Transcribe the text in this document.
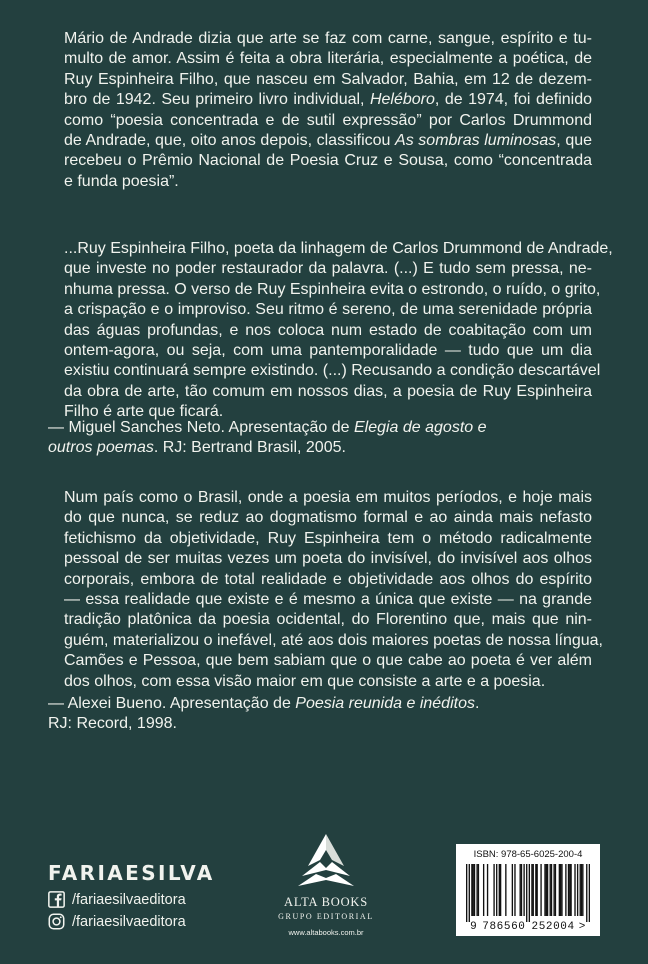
Mário de Andrade dizia que arte se faz com carne, sangue, espírito e tu-
multo de amor. Assim é feita a obra literária, especialmente a poética, de
Ruy Espinheira Filho, que nasceu em Salvador, Bahia, em 12 de dezem-
bro de 1942. Seu primeiro livro individual, Heléboro, de 1974, foi definido
como “poesia concentrada e de sutil expressão” por Carlos Drummond
de Andrade, que, oito anos depois, classificou As sombras luminosas, que
recebeu o Prêmio Nacional de Poesia Cruz e Sousa, como “concentrada
e funda poesia”.
...Ruy Espinheira Filho, poeta da linhagem de Carlos Drummond de Andrade,
que investe no poder restaurador da palavra. (...) E tudo sem pressa, ne-
nhuma pressa. O verso de Ruy Espinheira evita o estrondo, o ruído, o grito,
a crispação e o improviso. Seu ritmo é sereno, de uma serenidade própria
das águas profundas, e nos coloca num estado de coabitação com um
ontem-agora, ou seja, com uma pantemporalidade — tudo que um dia
existiu continuará sempre existindo. (...) Recusando a condição descartável
da obra de arte, tão comum em nossos dias, a poesia de Ruy Espinheira
Filho é arte que ficará.
— Miguel Sanches Neto. Apresentação de Elegia de agosto e
outros poemas. RJ: Bertrand Brasil, 2005.
Num país como o Brasil, onde a poesia em muitos períodos, e hoje mais
do que nunca, se reduz ao dogmatismo formal e ao ainda mais nefasto
fetichismo da objetividade, Ruy Espinheira tem o método radicalmente
pessoal de ser muitas vezes um poeta do invisível, do invisível aos olhos
corporais, embora de total realidade e objetividade aos olhos do espírito
— essa realidade que existe e é mesmo a única que existe — na grande
tradição platônica da poesia ocidental, do Florentino que, mais que nin-
guém, materializou o inefável, até aos dois maiores poetas de nossa língua,
Camões e Pessoa, que bem sabiam que o que cabe ao poeta é ver além
dos olhos, com essa visão maior em que consiste a arte e a poesia.
— Alexei Bueno. Apresentação de Poesia reunida e inéditos.
RJ: Record, 1998.
FARIAESILVA
/fariaesilvaeditora
/fariaesilvaeditora
ALTA BOOKS
GRUPO EDITORIAL
www.altabooks.com.br
ISBN: 978-65-6025-200-4
9 786560 252004 >
